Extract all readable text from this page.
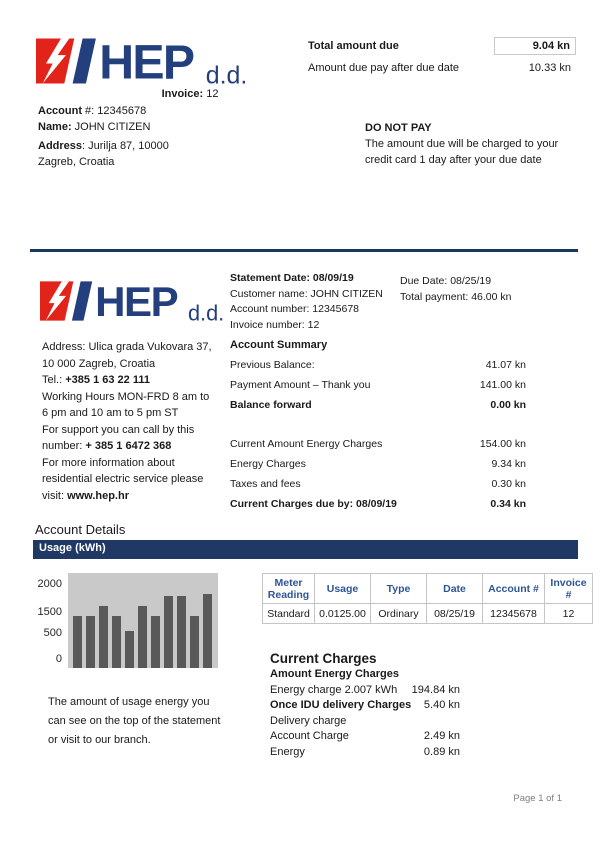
HEP d.d.
Invoice: 12
Account #: 12345678
Name: JOHN CITIZEN
Address: Jurilja 87, 10000
Zagreb, Croatia
Total amount due	9.04 kn
Amount due pay after due date	10.33 kn
DO NOT PAY
The amount due will be charged to your
credit card 1 day after your due date
HEP d.d.
Address: Ulica grada Vukovara 37,
10 000 Zagreb, Croatia
Tel.: +385 1 63 22 111
Working Hours MON-FRD 8 am to
6 pm and 10 am to 5 pm ST
For support you can call by this
number: + 385 1 6472 368
For more information about
residential electric service please
visit: www.hep.hr
Statement Date: 08/09/19
Customer name: JOHN CITIZEN
Account number: 12345678
Invoice number: 12
Due Date: 08/25/19
Total payment: 46.00 kn
Account Summary
Previous Balance:	41.07 kn
Payment Amount – Thank you	141.00 kn
Balance forward	0.00 kn
Current Amount Energy Charges	154.00 kn
Energy Charges	9.34 kn
Taxes and fees	0.30 kn
Current Charges due by: 08/09/19	0.34 kn
Account Details
Usage (kWh)
2000
1500
500
0
The amount of usage energy you
can see on the top of the statement
or visit to our branch.
Meter Reading	Usage	Type	Date	Account #	Invoice #
Standard	0.0125.00	Ordinary	08/25/19	12345678	12
Current Charges
Amount Energy Charges
Energy charge 2.007 kWh 194.84 kn
Once IDU delivery Charges 5.40 kn
Delivery charge
Account Charge	2.49 kn
Energy	0.89 kn
Page 1 of 1
